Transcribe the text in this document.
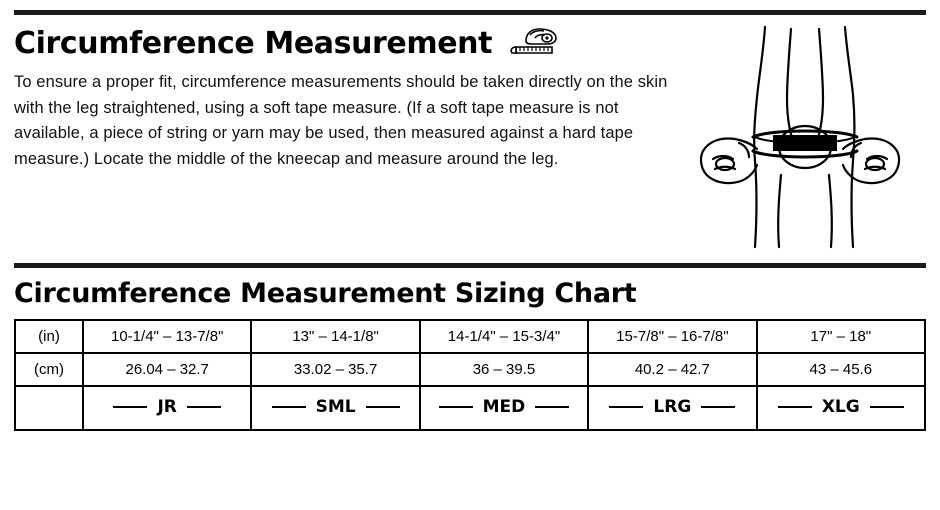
Circumference Measurement

To ensure a proper fit, circumference measurements should be taken directly on the skin with the leg straightened, using a soft tape measure. (If a soft tape measure is not available, a piece of string or yarn may be used, then measured against a hard tape measure.) Locate the middle of the kneecap and measure around the leg.

Circumference Measurement Sizing Chart
(in)	10-1/4" – 13-7/8"	13" – 14-1/8"	14-1/4" – 15-3/4"	15-7/8" – 16-7/8"	17" – 18"
(cm)	26.04 – 32.7	33.02 – 35.7	36 – 39.5	40.2 – 42.7	43 – 45.6

	JR	SML	MED	LRG	XLG
